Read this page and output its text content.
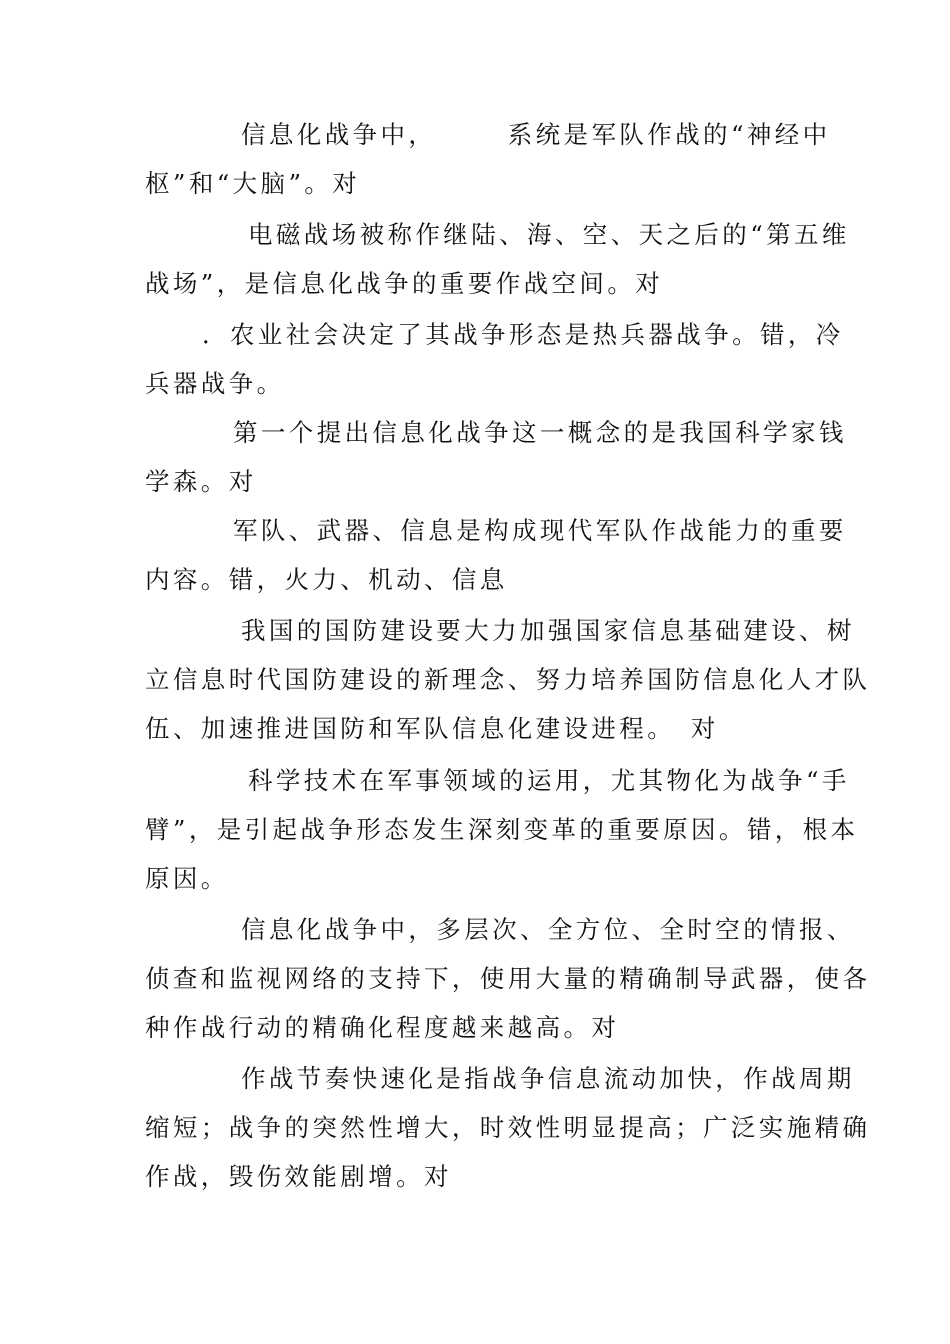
信息化战争中，　　　系统是军队作战的“神经中
枢”和“大脑”。对
电磁战场被称作继陆、海、空、天之后的“第五维
战场”，是信息化战争的重要作战空间。对
．农业社会决定了其战争形态是热兵器战争。错，冷
兵器战争。
第一个提出信息化战争这一概念的是我国科学家钱
学森。对
军队、武器、信息是构成现代军队作战能力的重要
内容。错，火力、机动、信息
我国的国防建设要大力加强国家信息基础建设、树
立信息时代国防建设的新理念、努力培养国防信息化人才队
伍、加速推进国防和军队信息化建设进程。　对
科学技术在军事领域的运用，尤其物化为战争“手
臂”，是引起战争形态发生深刻变革的重要原因。错，根本
原因。
信息化战争中，多层次、全方位、全时空的情报、
侦查和监视网络的支持下，使用大量的精确制导武器，使各
种作战行动的精确化程度越来越高。对
作战节奏快速化是指战争信息流动加快，作战周期
缩短；战争的突然性增大，时效性明显提高；广泛实施精确
作战，毁伤效能剧增。对
